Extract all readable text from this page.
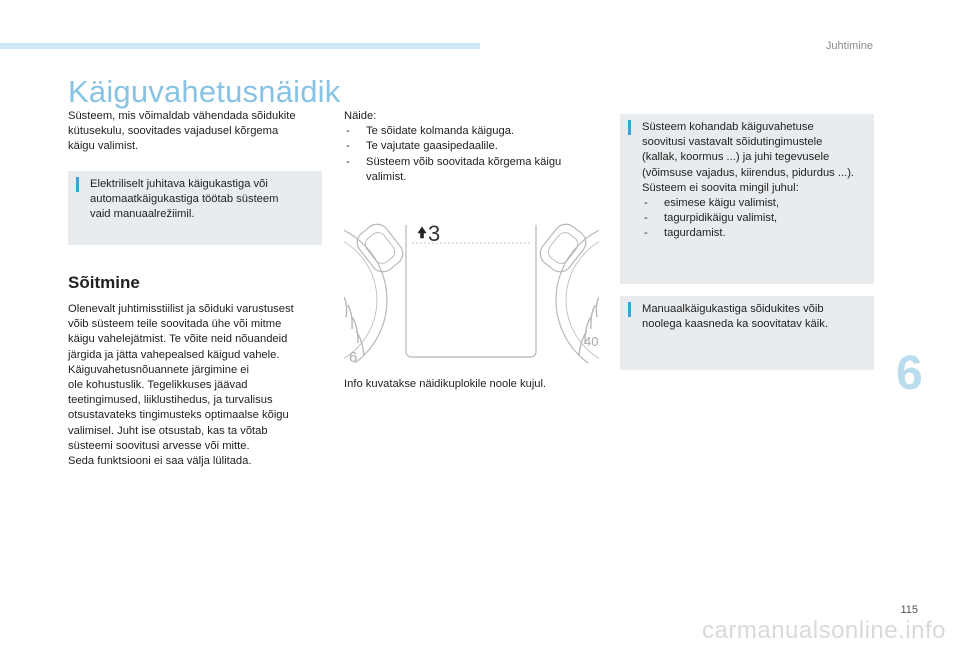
Juhtimine
Käiguvahetusnäidik
Süsteem, mis võimaldab vähendada sõidukite
kütusekulu, soovitades vajadusel kõrgema
käigu valimist.
Elektriliselt juhitava käigukastiga või
automaatkäigukastiga töötab süsteem
vaid manuaalrežiimil.
Sõitmine
Olenevalt juhtimisstiilist ja sõiduki varustusest
võib süsteem teile soovitada ühe või mitme
käigu vahelejätmist. Te võite neid nõuandeid
järgida ja jätta vahepealsed käigud vahele.
Käiguvahetusnõuannete järgimine ei
ole kohustuslik. Tegelikkuses jäävad
teetingimused, liiklustihedus, ja turvalisus
otsustavateks tingimusteks optimaalse kõigu
valimisel. Juht ise otsustab, kas ta võtab
süsteemi soovitusi arvesse või mitte.
Seda funktsiooni ei saa välja lülitada.
Näide:
- Te sõidate kolmanda käiguga.
- Te vajutate gaasipedaalile.
- Süsteem võib soovitada kõrgema käigu valimist.
3
6
40
Info kuvatakse näidikuplokile noole kujul.
Süsteem kohandab käiguvahetuse
soovitusi vastavalt sõidutingimustele
(kallak, koormus ...) ja juhi tegevusele
(võimsuse vajadus, kiirendus, pidurdus ...).
Süsteem ei soovita mingil juhul:
- esimese käigu valimist,
- tagurpidikäigu valimist,
- tagurdamist.
Manuaalkäigukastiga sõidukites võib
noolega kaasneda ka soovitatav käik.
6
115
carmanualsonline.info
